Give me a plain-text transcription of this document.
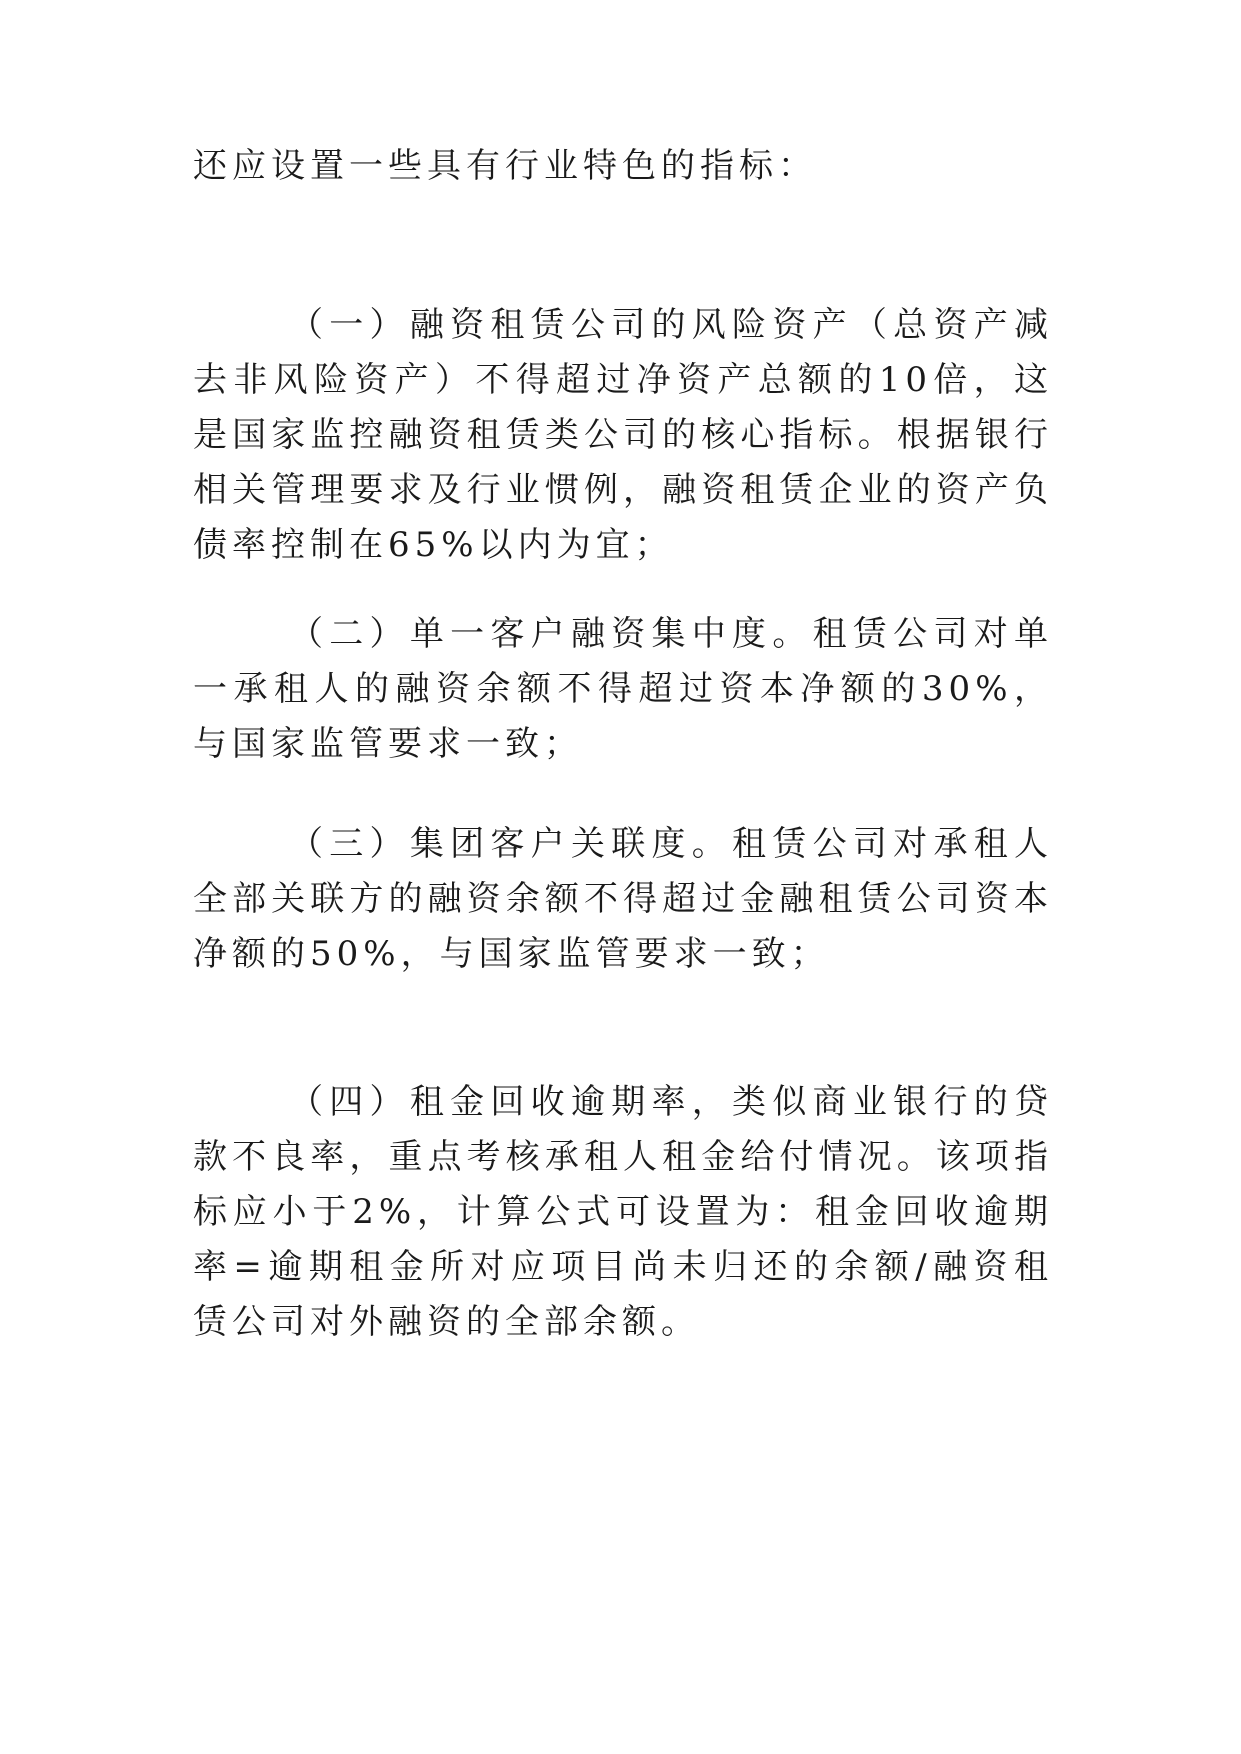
还应设置一些具有行业特色的指标：

（一）融资租赁公司的风险资产（总资产减去非风险资产）不得超过净资产总额的10倍，这是国家监控融资租赁类公司的核心指标。根据银行相关管理要求及行业惯例，融资租赁企业的资产负债率控制在65%以内为宜；

（二）单一客户融资集中度。租赁公司对单一承租人的融资余额不得超过资本净额的30%，与国家监管要求一致；

（三）集团客户关联度。租赁公司对承租人全部关联方的融资余额不得超过金融租赁公司资本净额的50%，与国家监管要求一致；

（四）租金回收逾期率，类似商业银行的贷款不良率，重点考核承租人租金给付情况。该项指标应小于2%，计算公式可设置为：租金回收逾期率=逾期租金所对应项目尚未归还的余额/融资租赁公司对外融资的全部余额。
